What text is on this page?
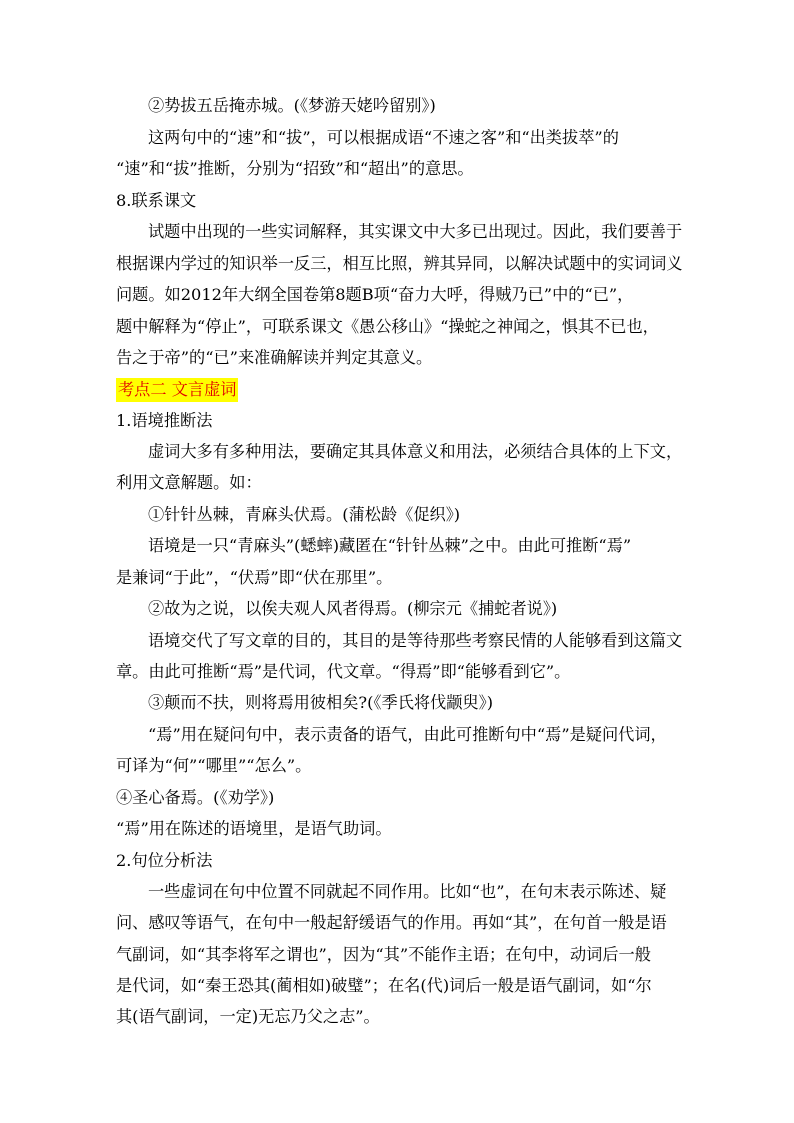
②势拔五岳掩赤城。(《梦游天姥吟留别》)
这两句中的“速”和“拔”，可以根据成语“不速之客”和“出类拔萃”的
“速”和“拔”推断，分别为“招致”和“超出”的意思。
8.联系课文
试题中出现的一些实词解释，其实课文中大多已出现过。因此，我们要善于
根据课内学过的知识举一反三，相互比照，辨其异同，以解决试题中的实词词义
问题。如2012年大纲全国卷第8题B项“奋力大呼，得贼乃已”中的“已”，
题中解释为“停止”，可联系课文《愚公移山》“操蛇之神闻之，惧其不已也，
告之于帝”的“已”来准确解读并判定其意义。
考点二 文言虚词
1.语境推断法
虚词大多有多种用法，要确定其具体意义和用法，必须结合具体的上下文，
利用文意解题。如：
①针针丛棘，青麻头伏焉。(蒲松龄《促织》)
语境是一只“青麻头”(蟋蟀)藏匿在“针针丛棘”之中。由此可推断“焉”
是兼词“于此”，“伏焉”即“伏在那里”。
②故为之说，以俟夫观人风者得焉。(柳宗元《捕蛇者说》)
语境交代了写文章的目的，其目的是等待那些考察民情的人能够看到这篇文
章。由此可推断“焉”是代词，代文章。“得焉”即“能够看到它”。
③颠而不扶，则将焉用彼相矣?(《季氏将伐颛臾》)
“焉”用在疑问句中，表示责备的语气，由此可推断句中“焉”是疑问代词，
可译为“何”“哪里”“怎么”。
④圣心备焉。(《劝学》)
“焉”用在陈述的语境里，是语气助词。
2.句位分析法
一些虚词在句中位置不同就起不同作用。比如“也”，在句末表示陈述、疑
问、感叹等语气，在句中一般起舒缓语气的作用。再如“其”，在句首一般是语
气副词，如“其李将军之谓也”，因为“其”不能作主语；在句中，动词后一般
是代词，如“秦王恐其(蔺相如)破璧”；在名(代)词后一般是语气副词，如“尔
其(语气副词，一定)无忘乃父之志”。
